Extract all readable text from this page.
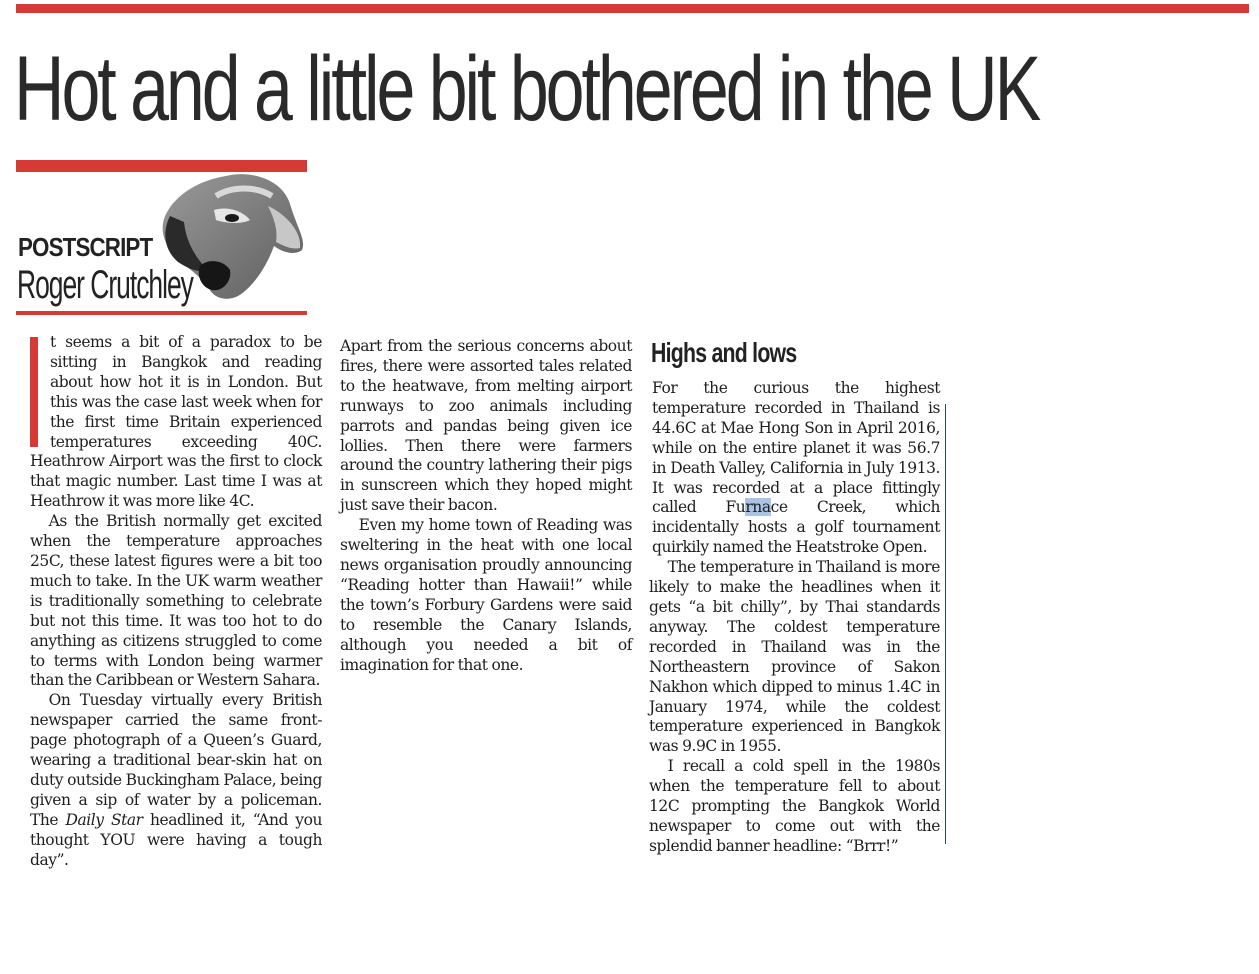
Hot and a little bit bothered in the UK

POSTSCRIPT

Roger Crutchley

t seems a bit of a paradox to be sitting in Bangkok and reading about how hot it is in London. But this was the case last week when for the first time Britain experienced temperatures exceeding 40C. Heathrow Airport was the first to clock that magic number. Last time I was at Heathrow it was more like 4C.

As the British normally get excited when the temperature approaches 25C, these latest figures were a bit too much to take. In the UK warm weather is traditionally something to celebrate but not this time. It was too hot to do anything as citizens struggled to come to terms with London being warmer than the Caribbean or Western Sahara.

On Tuesday virtually every British newspaper carried the same front-page photograph of a Queen’s Guard, wearing a traditional bear-skin hat on duty outside Buckingham Palace, being given a sip of water by a policeman. The Daily Star headlined it, “And you thought YOU were having a tough day”.

Apart from the serious concerns about fires, there were assorted tales related to the heatwave, from melting airport runways to zoo animals including parrots and pandas being given ice lollies. Then there were farmers around the country lathering their pigs in sunscreen which they hoped might just save their bacon.

Even my home town of Reading was sweltering in the heat with one local news organisation proudly announcing “Reading hotter than Hawaii!” while the town’s Forbury Gardens were said to resemble the Canary Islands, although you needed a bit of imagination for that one.

Highs and lows

For the curious the highest temperature recorded in Thailand is 44.6C at Mae Hong Son in April 2016, while on the entire planet it was 56.7 in Death Valley, California in July 1913. It was recorded at a place fittingly called Furnace Creek, which incidentally hosts a golf tournament quirkily named the Heatstroke Open.

The temperature in Thailand is more likely to make the headlines when it gets “a bit chilly”, by Thai standards anyway. The coldest temperature recorded in Thailand was in the Northeastern province of Sakon Nakhon which dipped to minus 1.4C in January 1974, while the coldest temperature experienced in Bangkok was 9.9C in 1955.

I recall a cold spell in the 1980s when the temperature fell to about 12C prompting the Bangkok World newspaper to come out with the splendid banner headline: “Brrr!”
